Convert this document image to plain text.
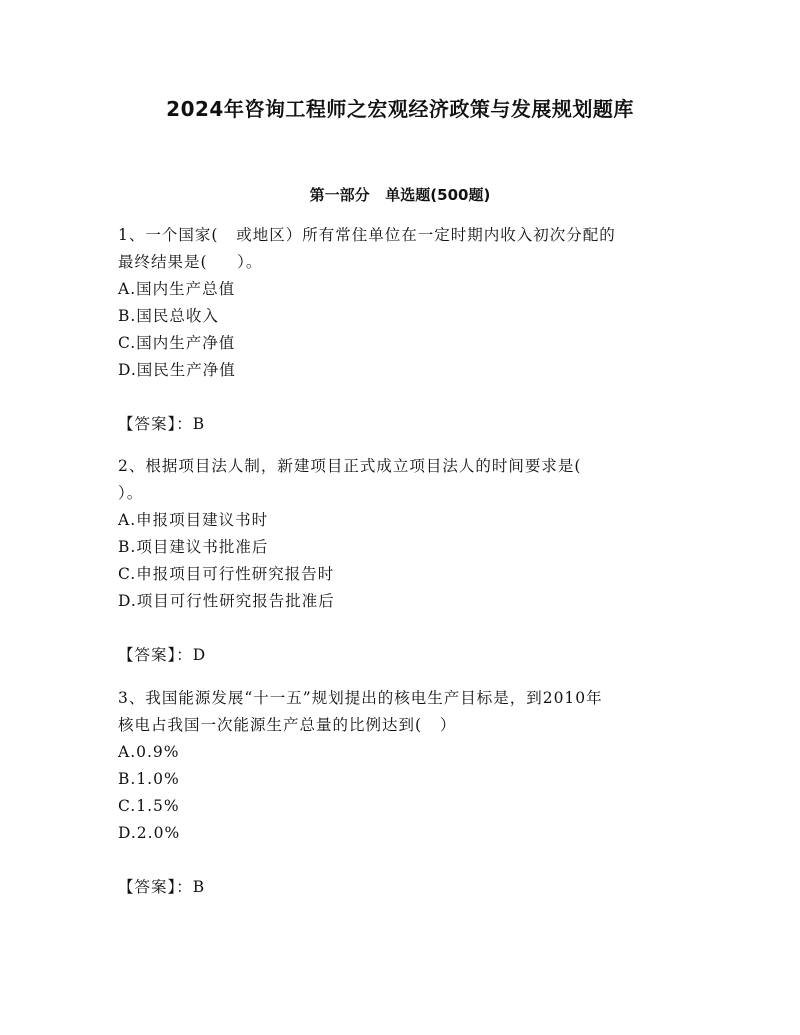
2024年咨询工程师之宏观经济政策与发展规划题库
第一部分   单选题(500题)
1、一个国家(   或地区）所有常住单位在一定时期内收入初次分配的
最终结果是(     ）。
A.国内生产总值
B.国民总收入
C.国内生产净值
D.国民生产净值
【答案】：B
2、根据项目法人制，新建项目正式成立项目法人的时间要求是(
）。
A.申报项目建议书时
B.项目建议书批准后
C.申报项目可行性研究报告时
D.项目可行性研究报告批准后
【答案】：D
3、我国能源发展“十一五”规划提出的核电生产目标是，到2010年
核电占我国一次能源生产总量的比例达到(   ）
A.0.9%
B.1.0%
C.1.5%
D.2.0%
【答案】：B
